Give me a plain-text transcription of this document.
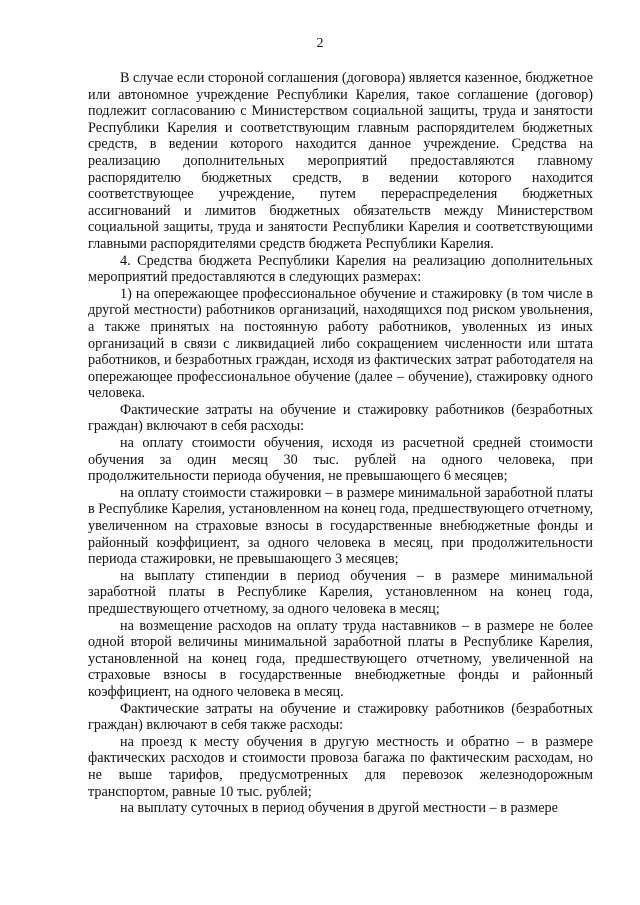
2

В случае если стороной соглашения (договора) является казенное, бюджетное или автономное учреждение Республики Карелия, такое соглашение (договор) подлежит согласованию с Министерством социальной защиты, труда и занятости Республики Карелия и соответствующим главным распорядителем бюджетных средств, в ведении которого находится данное учреждение. Средства на реализацию дополнительных мероприятий предоставляются главному распорядителю бюджетных средств, в ведении которого находится соответствующее учреждение, путем перераспределения бюджетных ассигнований и лимитов бюджетных обязательств между Министерством социальной защиты, труда и занятости Республики Карелия и соответствующими главными распорядителями средств бюджета Республики Карелия.

4. Средства бюджета Республики Карелия на реализацию дополнительных мероприятий предоставляются в следующих размерах:

1) на опережающее профессиональное обучение и стажировку (в том числе в другой местности) работников организаций, находящихся под риском увольнения, а также принятых на постоянную работу работников, уволенных из иных организаций в связи с ликвидацией либо сокращением численности или штата работников, и безработных граждан, исходя из фактических затрат работодателя на опережающее профессиональное обучение (далее – обучение), стажировку одного человека.

Фактические затраты на обучение и стажировку работников (безработных граждан) включают в себя расходы:

на оплату стоимости обучения, исходя из расчетной средней стоимости обучения за один месяц 30 тыс. рублей на одного человека, при продолжительности периода обучения, не превышающего 6 месяцев;

на оплату стоимости стажировки – в размере минимальной заработной платы в Республике Карелия, установленном на конец года, предшествующего отчетному, увеличенном на страховые взносы в государственные внебюджетные фонды и районный коэффициент, за одного человека в месяц, при продолжительности периода стажировки, не превышающего 3 месяцев;

на выплату стипендии в период обучения – в размере минимальной заработной платы в Республике Карелия, установленном на конец года, предшествующего отчетному, за одного человека в месяц;

на возмещение расходов на оплату труда наставников – в размере не более одной второй величины минимальной заработной платы в Республике Карелия, установленной на конец года, предшествующего отчетному, увеличенной на страховые взносы в государственные внебюджетные фонды и районный коэффициент, на одного человека в месяц.

Фактические затраты на обучение и стажировку работников (безработных граждан) включают в себя также расходы:

на проезд к месту обучения в другую местность и обратно – в размере фактических расходов и стоимости провоза багажа по фактическим расходам, но не выше тарифов, предусмотренных для перевозок железнодорожным транспортом, равные 10 тыс. рублей;

на выплату суточных в период обучения в другой местности – в размере
